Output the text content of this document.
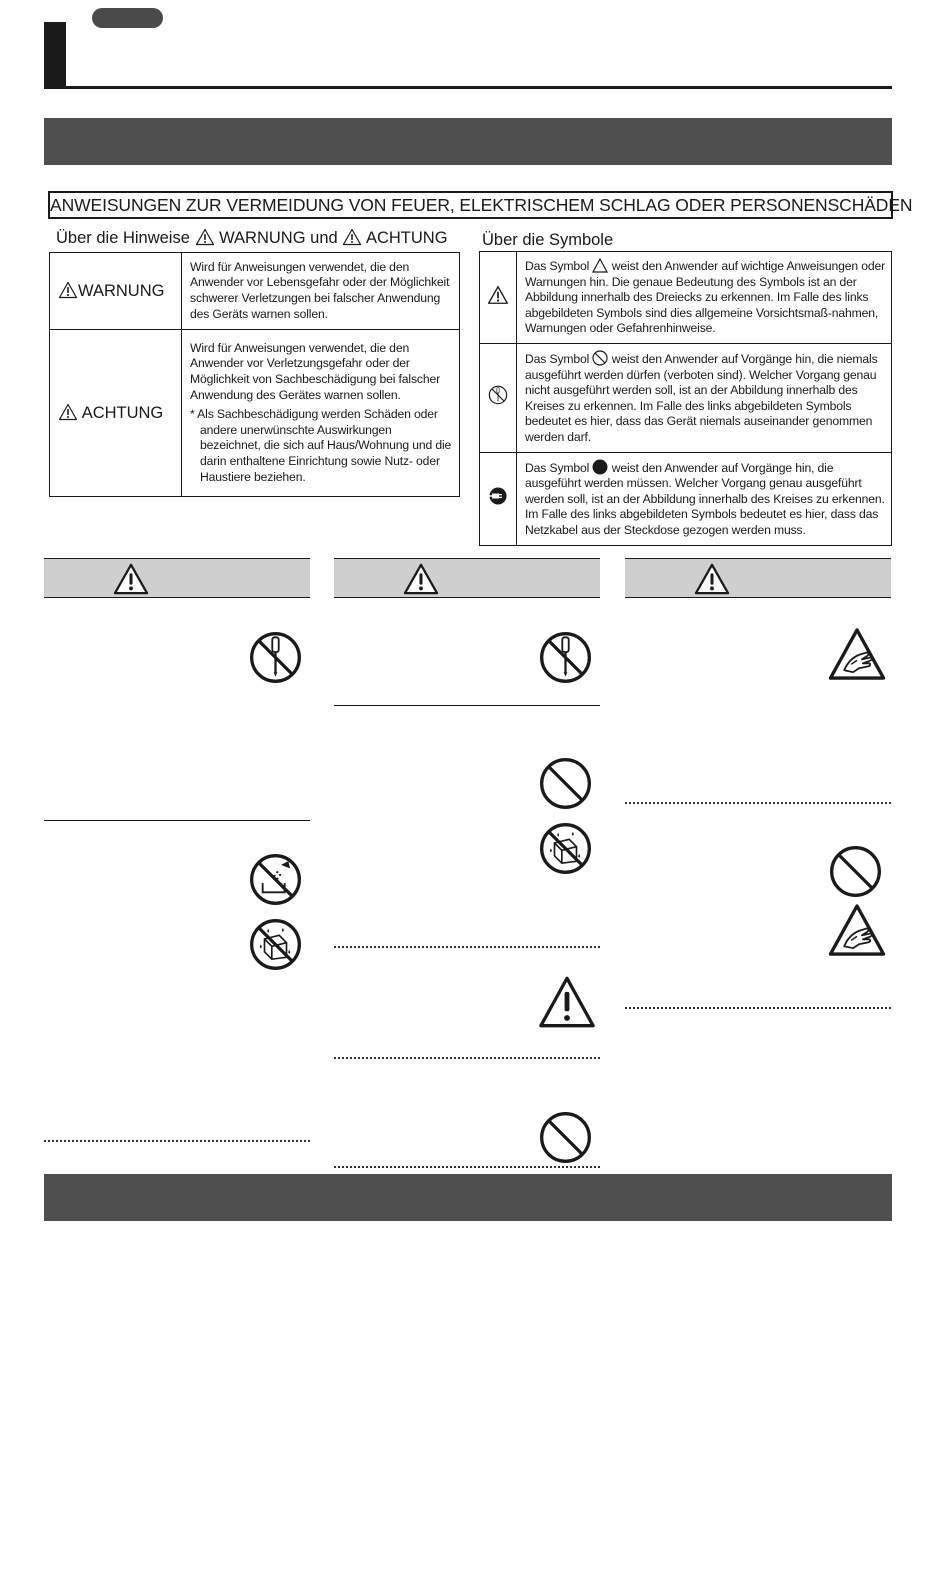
ANWEISUNGEN ZUR VERMEIDUNG VON FEUER, ELEKTRISCHEM SCHLAG ODER PERSONENSCHÄDEN
Über die Hinweise WARNUNG und ACHTUNG
WARNUNG	Wird für Anweisungen verwendet, die den Anwender vor Lebensgefahr oder der Möglichkeit schwerer Verletzungen bei falscher Anwendung des Geräts warnen sollen.
ACHTUNG	Wird für Anweisungen verwendet, die den Anwender vor Verletzungsgefahr oder der Möglichkeit von Sachbeschädigung bei falscher Anwendung des Gerätes warnen sollen.
* Als Sachbeschädigung werden Schäden oder andere unerwünschte Auswirkungen bezeichnet, die sich auf Haus/Wohnung und die darin enthaltene Einrichtung sowie Nutz- oder Haustiere beziehen.
Über die Symbole
	Das Symbol weist den Anwender auf wichtige Anweisungen oder Warnungen hin. Die genaue Bedeutung des Symbols ist an der Abbildung innerhalb des Dreiecks zu erkennen. Im Falle des links abgebildeten Symbols sind dies allgemeine Vorsichtsmaß-nahmen, Warnungen oder Gefahrenhinweise.
	Das Symbol weist den Anwender auf Vorgänge hin, die niemals ausgeführt werden dürfen (verboten sind). Welcher Vorgang genau nicht ausgeführt werden soll, ist an der Abbildung innerhalb des Kreises zu erkennen. Im Falle des links abgebildeten Symbols bedeutet es hier, dass das Gerät niemals auseinander genommen werden darf.
	Das Symbol weist den Anwender auf Vorgänge hin, die ausgeführt werden müssen. Welcher Vorgang genau ausgeführt werden soll, ist an der Abbildung innerhalb des Kreises zu erkennen. Im Falle des links abgebildeten Symbols bedeutet es hier, dass das Netzkabel aus der Steckdose gezogen werden muss.
